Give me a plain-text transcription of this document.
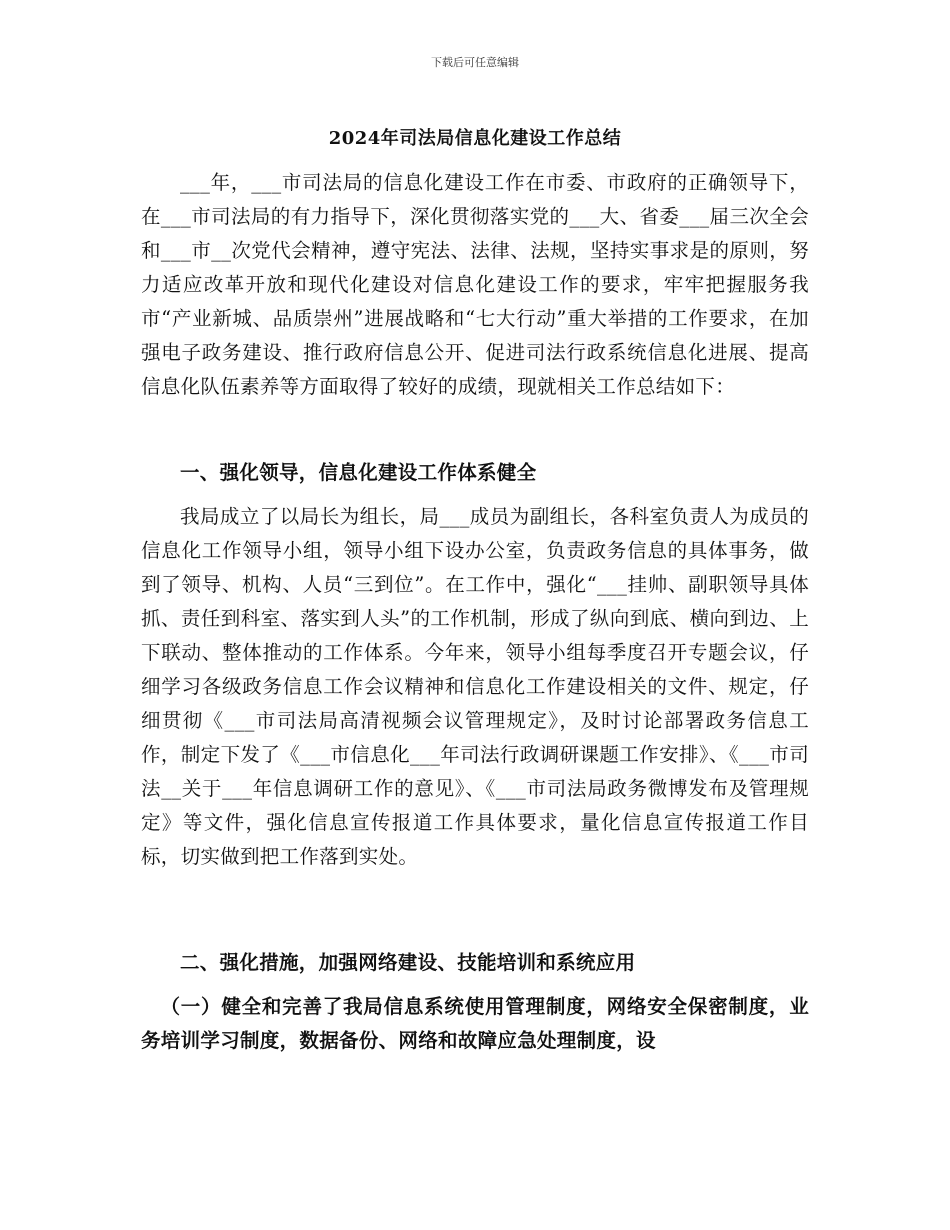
下载后可任意编辑
2024年司法局信息化建设工作总结
___年，___市司法局的信息化建设工作在市委、市政府的正确领导下，在___市司法局的有力指导下，深化贯彻落实党的___大、省委___届三次全会和___市__次党代会精神，遵守宪法、法律、法规，坚持实事求是的原则，努力适应改革开放和现代化建设对信息化建设工作的要求，牢牢把握服务我市“产业新城、品质崇州”进展战略和“七大行动”重大举措的工作要求，在加强电子政务建设、推行政府信息公开、促进司法行政系统信息化进展、提高信息化队伍素养等方面取得了较好的成绩，现就相关工作总结如下：
一、强化领导，信息化建设工作体系健全
我局成立了以局长为组长，局___成员为副组长，各科室负责人为成员的信息化工作领导小组，领导小组下设办公室，负责政务信息的具体事务，做到了领导、机构、人员“三到位”。在工作中，强化“___挂帅、副职领导具体抓、责任到科室、落实到人头”的工作机制，形成了纵向到底、横向到边、上下联动、整体推动的工作体系。今年来，领导小组每季度召开专题会议，仔细学习各级政务信息工作会议精神和信息化工作建设相关的文件、规定，仔细贯彻《___市司法局高清视频会议管理规定》，及时讨论部署政务信息工作，制定下发了《___市信息化___年司法行政调研课题工作安排》、《___市司法__关于___年信息调研工作的意见》、《___市司法局政务微博发布及管理规定》等文件，强化信息宣传报道工作具体要求，量化信息宣传报道工作目标，切实做到把工作落到实处。
二、强化措施，加强网络建设、技能培训和系统应用
（一）健全和完善了我局信息系统使用管理制度，网络安全保密制度，业务培训学习制度，数据备份、网络和故障应急处理制度，设
